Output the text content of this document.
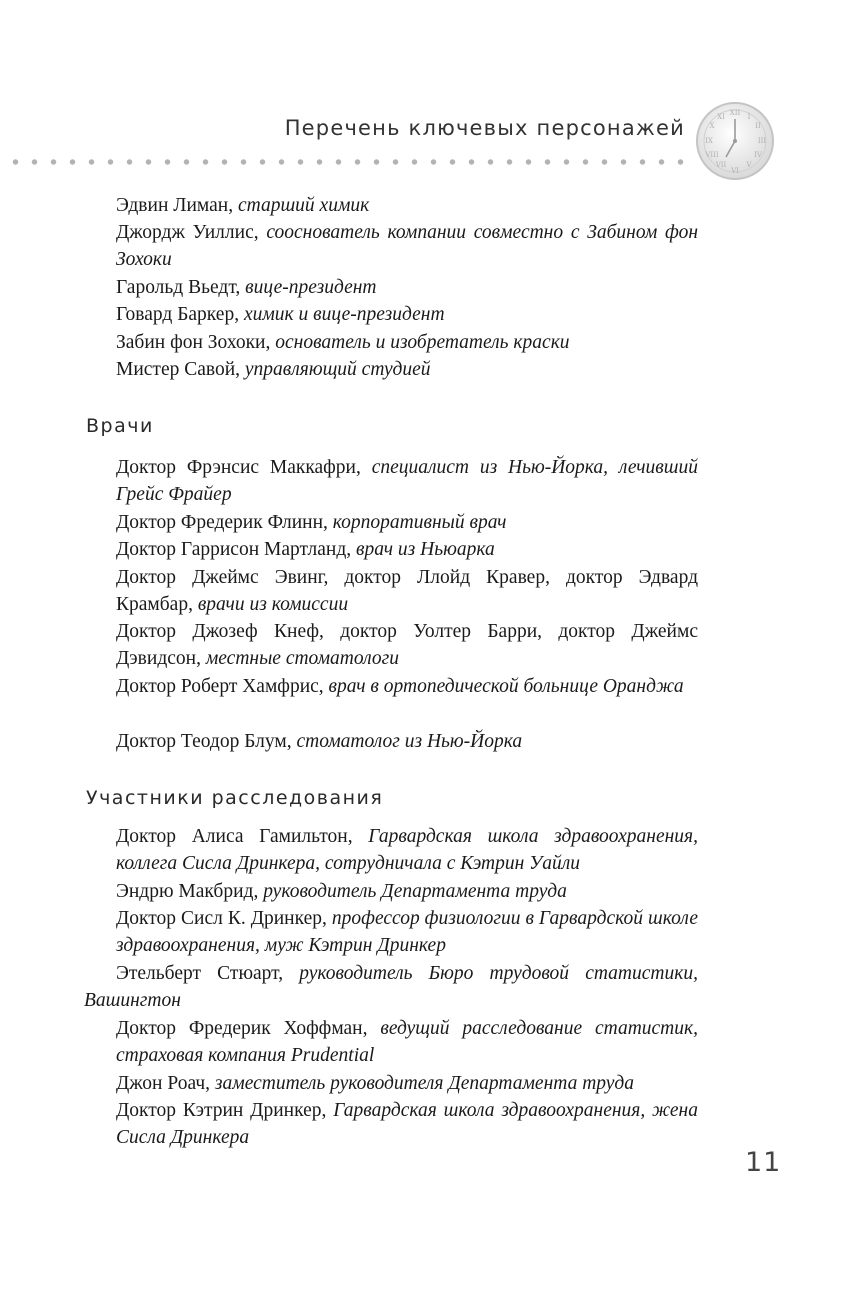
Перечень ключевых персонажей
XII I
II
III
IV
V
VI
VII
VIII
IX
X
XI
Эдвин Лиман, старший химик
Джордж Уиллис, сооснователь компании совместно с Забином фон Зохоки
Гарольд Вьедт, вице-президент
Говард Баркер, химик и вице-президент
Забин фон Зохоки, основатель и изобретатель краски
Мистер Савой, управляющий студией
Врачи
Доктор Фрэнсис Маккафри, специалист из Нью-Йорка, лечивший Грейс Фрайер
Доктор Фредерик Флинн, корпоративный врач
Доктор Гаррисон Мартланд, врач из Ньюарка
Доктор Джеймс Эвинг, доктор Ллойд Кравер, доктор Эдвард Крамбар, врачи из комиссии
Доктор Джозеф Кнеф, доктор Уолтер Барри, доктор Джеймс Дэвидсон, местные стоматологи
Доктор Роберт Хамфрис, врач в ортопедической больнице Оранджа
Доктор Теодор Блум, стоматолог из Нью-Йорка
Участники расследования
Доктор Алиса Гамильтон, Гарвардская школа здравоохранения, коллега Сисла Дринкера, сотрудничала с Кэтрин Уайли
Эндрю Макбрид, руководитель Департамента труда
Доктор Сисл К. Дринкер, профессор физиологии в Гарвардской школе здравоохранения, муж Кэтрин Дринкер
Этельберт Стюарт, руководитель Бюро трудовой статистики, Вашингтон
Доктор Фредерик Хоффман, ведущий расследование статистик, страховая компания Prudential
Джон Роач, заместитель руководителя Департамента труда
Доктор Кэтрин Дринкер, Гарвардская школа здравоохранения, жена Сисла Дринкера
11
